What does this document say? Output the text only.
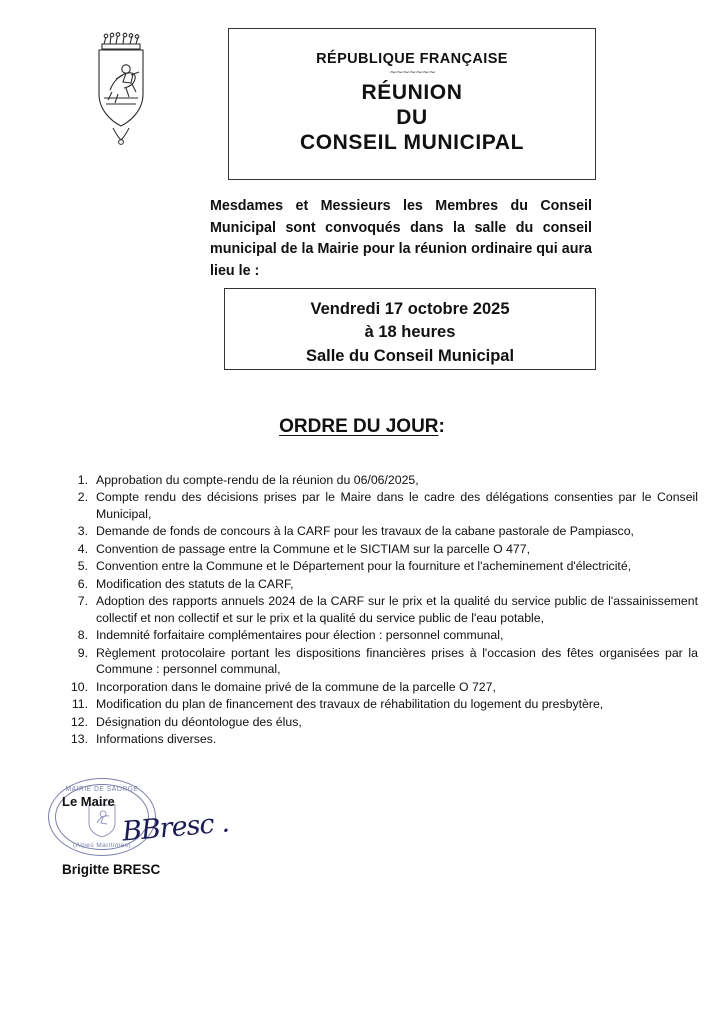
RÉPUBLIQUE FRANÇAISE
~~~~~~~
RÉUNION
DU
CONSEIL MUNICIPAL
Mesdames et Messieurs les Membres du Conseil Municipal sont convoqués dans la salle du conseil municipal de la Mairie pour la réunion ordinaire qui aura lieu le :
Vendredi 17 octobre 2025
à 18 heures
Salle du Conseil Municipal
ORDRE DU JOUR:
Approbation du compte-rendu de la réunion du 06/06/2025,
Compte rendu des décisions prises par le Maire dans le cadre des délégations consenties par le Conseil Municipal,
Demande de fonds de concours à la CARF pour les travaux de la cabane pastorale de Pampiasco,
Convention de passage entre la Commune et le SICTIAM sur la parcelle O 477,
Convention entre la Commune et le Département pour la fourniture et l'acheminement d'électricité,
Modification des statuts de la CARF,
Adoption des rapports annuels 2024 de la CARF sur le prix et la qualité du service public de l'assainissement collectif et non collectif et sur le prix et la qualité du service public de l'eau potable,
Indemnité forfaitaire complémentaires pour élection : personnel communal,
Règlement protocolaire portant les dispositions financières prises à l'occasion des fêtes organisées par la Commune : personnel communal,
Incorporation dans le domaine privé de la commune de la parcelle O 727,
Modification du plan de financement des travaux de réhabilitation du logement du presbytère,
Désignation du déontologue des élus,
Informations diverses.
MAIRIE DE SAORGE
(Alpes Maritimes)
Le Maire
BBresc .
Brigitte BRESC
